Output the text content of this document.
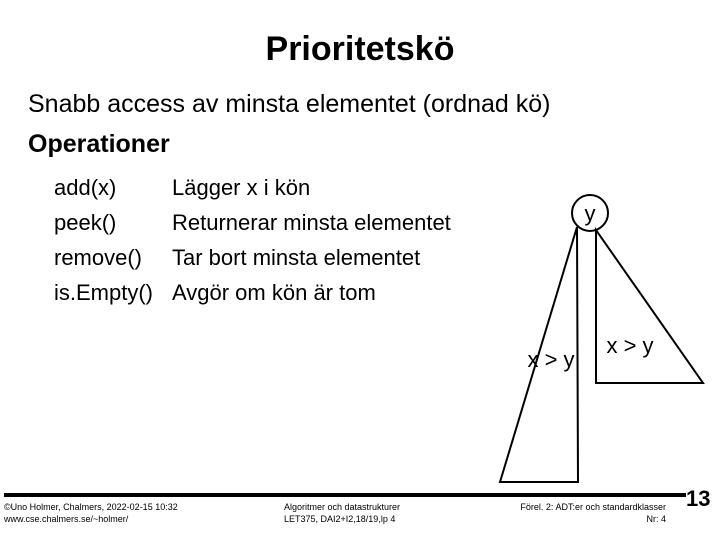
Prioritetskö
Snabb access av minsta elementet (ordnad kö)
Operationer
add(x)	Lägger x i kön
peek()	Returnerar minsta elementet
remove() Tar bort minsta elementet
is.Empty() Avgör om kön är tom
y
x > y
x > y
©Uno Holmer, Chalmers, 2022-02-15 10:32
www.cse.chalmers.se/~holmer/
Algoritmer och datastrukturer
LET375, DAI2+I2,18/19,lp 4
Förel. 2: ADT:er och standardklasser
Nr: 4
13
